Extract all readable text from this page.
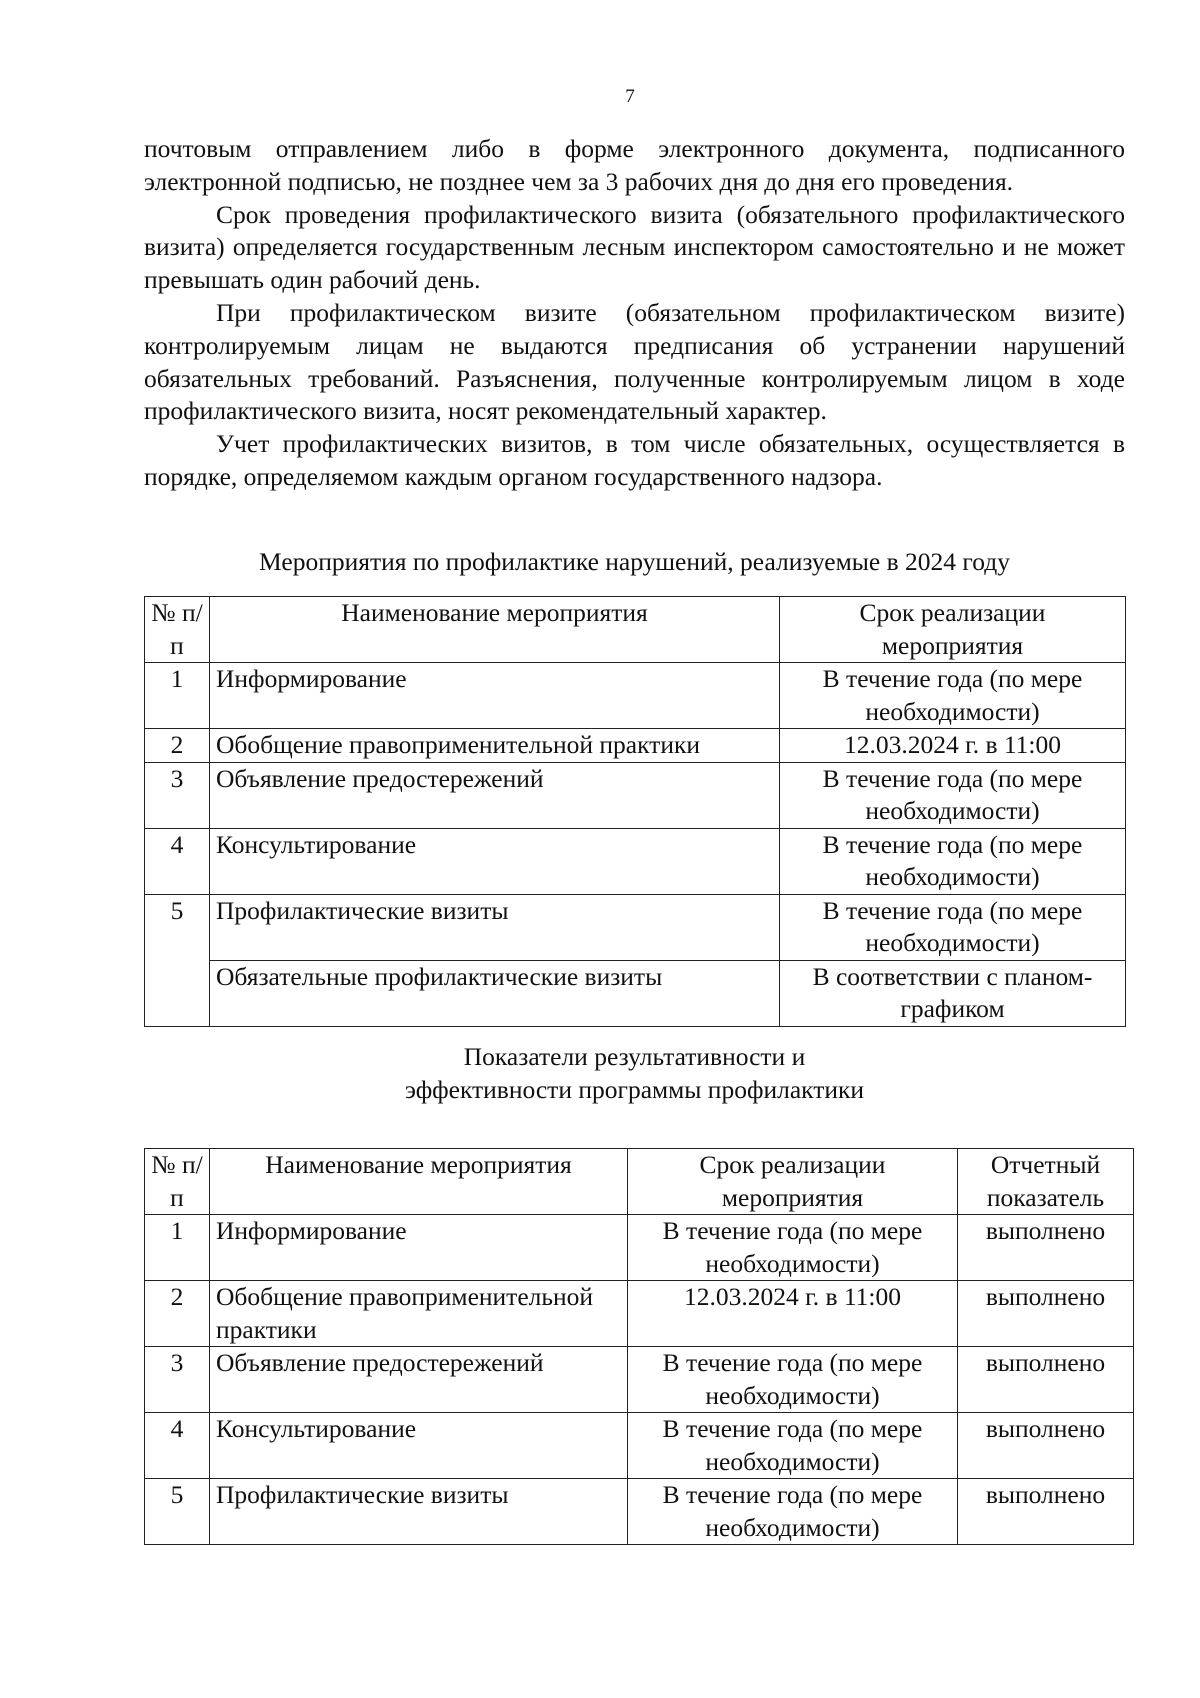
7

почтовым отправлением либо в форме электронного документа, подписанного электронной подписью, не позднее чем за 3 рабочих дня до дня его проведения.

Срок проведения профилактического визита (обязательного профилактического визита) определяется государственным лесным инспектором самостоятельно и не может превышать один рабочий день.

При профилактическом визите (обязательном профилактическом визите) контролируемым лицам не выдаются предписания об устранении нарушений обязательных требований. Разъяснения, полученные контролируемым лицом в ходе профилактического визита, носят рекомендательный характер.

Учет профилактических визитов, в том числе обязательных, осуществляется в порядке, определяемом каждым органом государственного надзора.

Мероприятия по профилактике нарушений, реализуемые в 2024 году
№ п/п	Наименование мероприятия	Срок реализации мероприятия
1	Информирование	В течение года (по мере необходимости)
2	Обобщение правоприменительной практики	12.03.2024 г. в 11:00
3	Объявление предостережений	В течение года (по мере необходимости)
4	Консультирование	В течение года (по мере необходимости)
5	Профилактические визиты	В течение года (по мере необходимости)
	Обязательные профилактические визиты	В соответствии с планом-графиком
Показатели результативности и
эффективности программы профилактики
№ п/п	Наименование мероприятия	Срок реализации мероприятия	Отчетный показатель
1	Информирование	В течение года (по мере необходимости)	выполнено
2	Обобщение правоприменительной практики	12.03.2024 г. в 11:00	выполнено
3	Объявление предостережений	В течение года (по мере необходимости)	выполнено
4	Консультирование	В течение года (по мере необходимости)	выполнено
5	Профилактические визиты	В течение года (по мере необходимости)	выполнено
